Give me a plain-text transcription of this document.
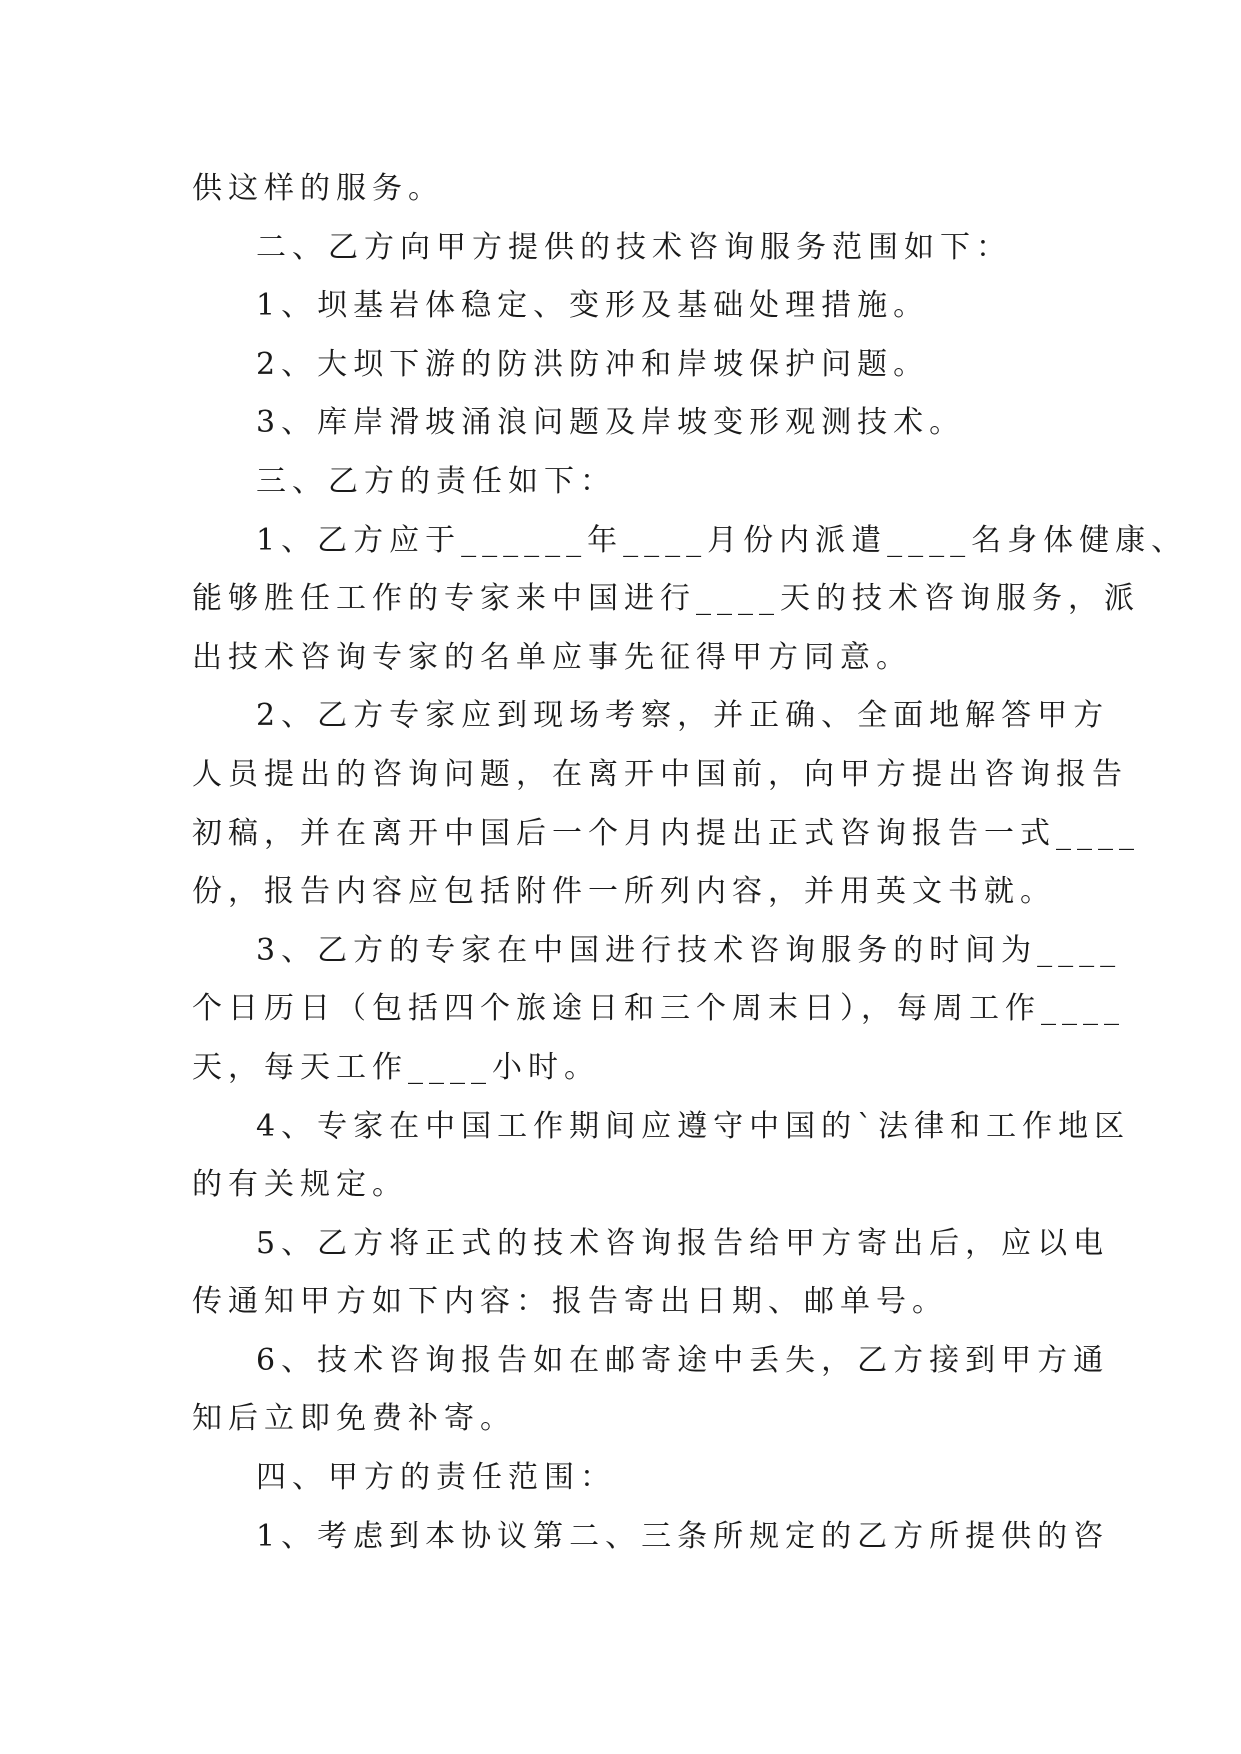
供这样的服务。
二、乙方向甲方提供的技术咨询服务范围如下：
1、坝基岩体稳定、变形及基础处理措施。
2、大坝下游的防洪防冲和岸坡保护问题。
3、库岸滑坡涌浪问题及岸坡变形观测技术。
三、乙方的责任如下：
1、乙方应于______年____月份内派遣____名身体健康、
能够胜任工作的专家来中国进行____天的技术咨询服务，派
出技术咨询专家的名单应事先征得甲方同意。
2、乙方专家应到现场考察，并正确、全面地解答甲方
人员提出的咨询问题，在离开中国前，向甲方提出咨询报告
初稿，并在离开中国后一个月内提出正式咨询报告一式____
份，报告内容应包括附件一所列内容，并用英文书就。
3、乙方的专家在中国进行技术咨询服务的时间为____
个日历日（包括四个旅途日和三个周末日），每周工作____
天，每天工作____小时。
4、专家在中国工作期间应遵守中国的`法律和工作地区
的有关规定。
5、乙方将正式的技术咨询报告给甲方寄出后，应以电
传通知甲方如下内容：报告寄出日期、邮单号。
6、技术咨询报告如在邮寄途中丢失，乙方接到甲方通
知后立即免费补寄。
四、甲方的责任范围：
1、考虑到本协议第二、三条所规定的乙方所提供的咨
